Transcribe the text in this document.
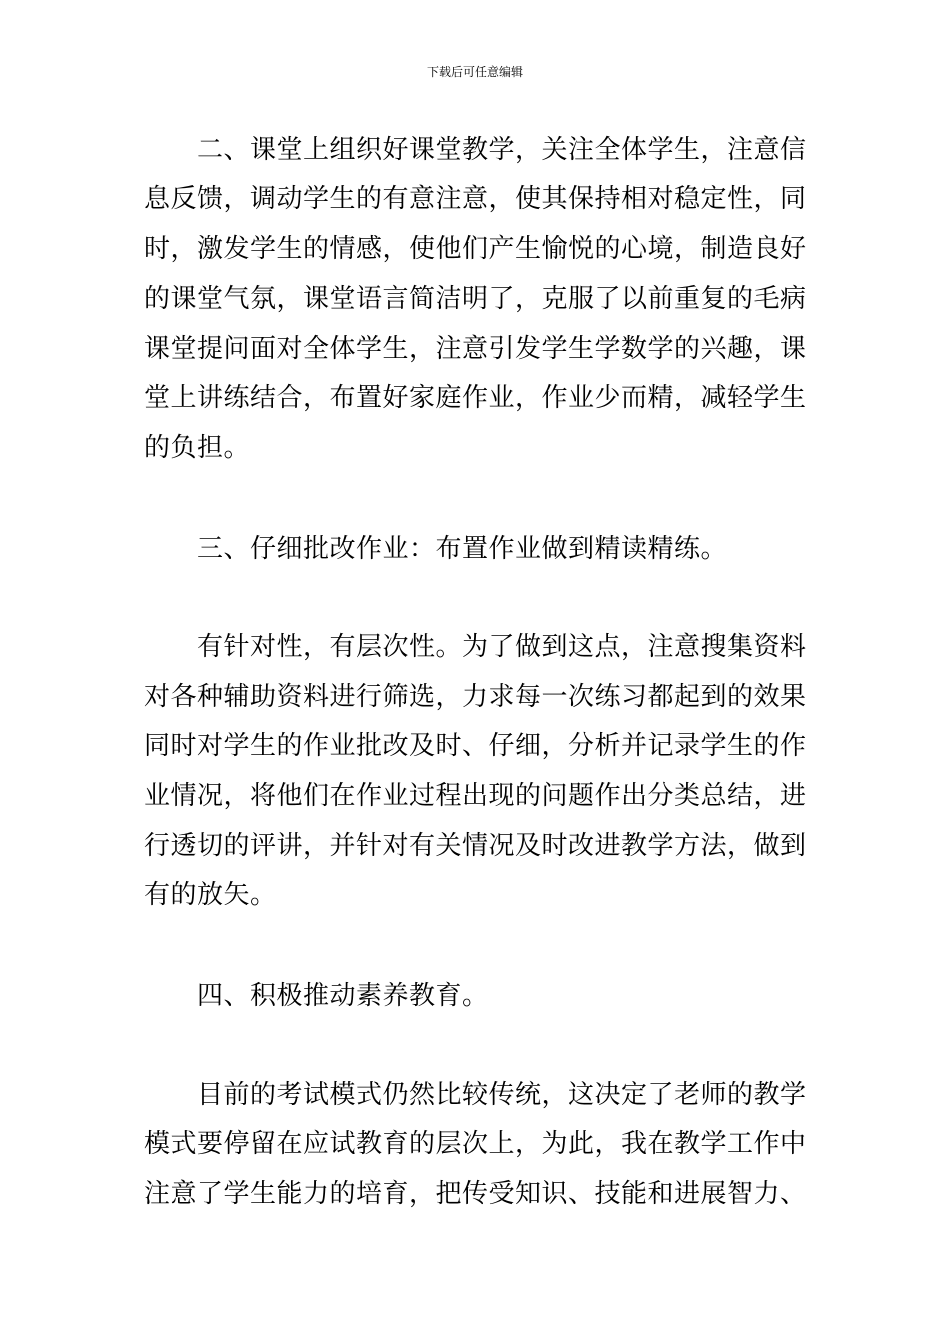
下载后可任意编辑
二、课堂上组织好课堂教学，关注全体学生，注意信
息反馈，调动学生的有意注意，使其保持相对稳定性，同
时，激发学生的情感，使他们产生愉悦的心境，制造良好
的课堂气氛，课堂语言简洁明了，克服了以前重复的毛病
课堂提问面对全体学生，注意引发学生学数学的兴趣，课
堂上讲练结合，布置好家庭作业，作业少而精，减轻学生
的负担。
三、仔细批改作业：布置作业做到精读精练。
有针对性，有层次性。为了做到这点，注意搜集资料
对各种辅助资料进行筛选，力求每一次练习都起到的效果
同时对学生的作业批改及时、仔细，分析并记录学生的作
业情况，将他们在作业过程出现的问题作出分类总结，进
行透切的评讲，并针对有关情况及时改进教学方法，做到
有的放矢。
四、积极推动素养教育。
目前的考试模式仍然比较传统，这决定了老师的教学
模式要停留在应试教育的层次上，为此，我在教学工作中
注意了学生能力的培育，把传受知识、技能和进展智力、
